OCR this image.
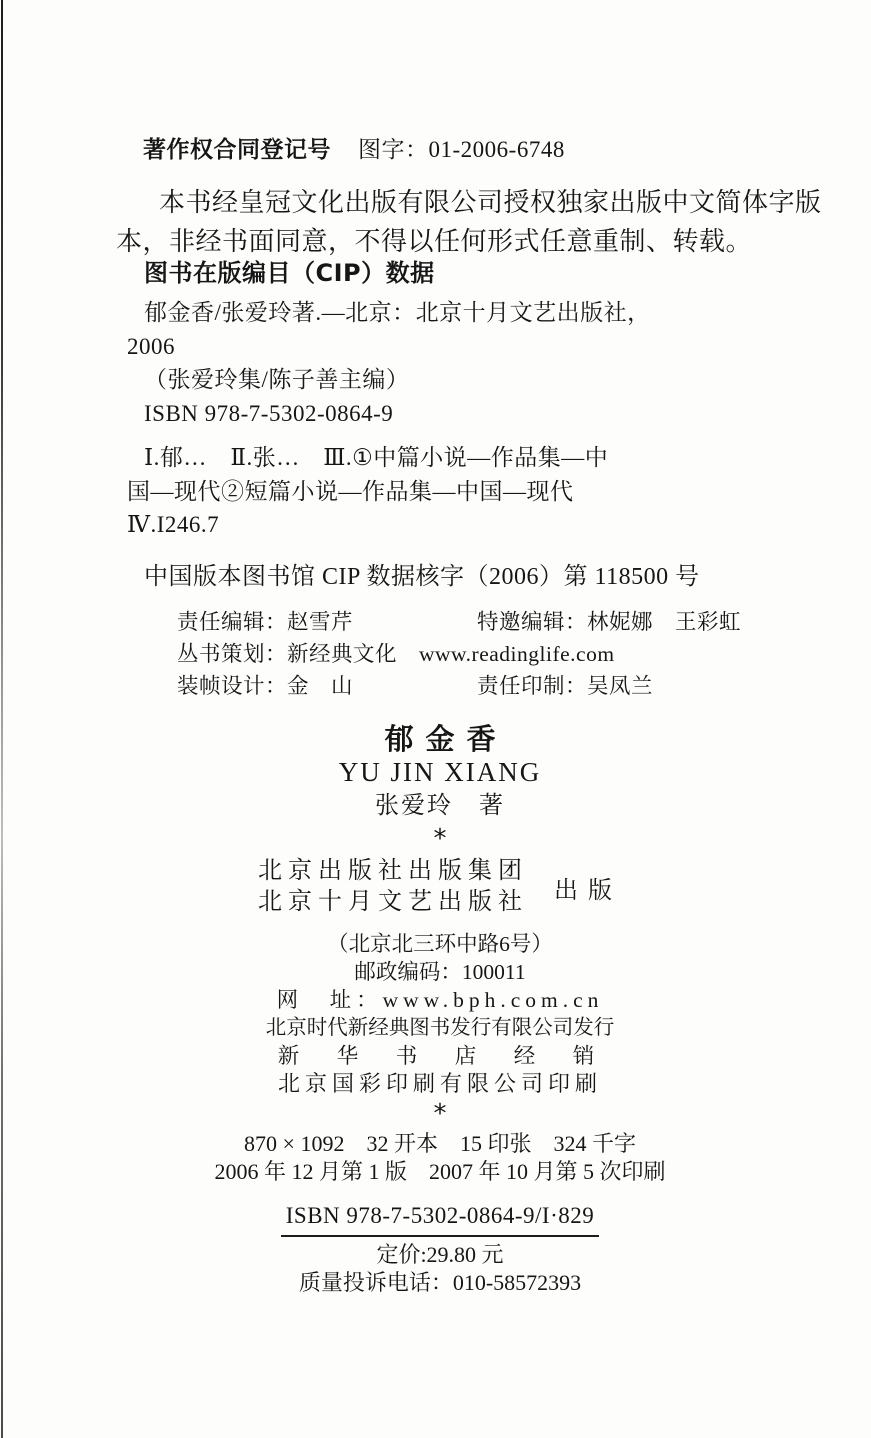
著作权合同登记号 图字：01-2006-6748
本书经皇冠文化出版有限公司授权独家出版中文简体字版
本，非经书面同意，不得以任何形式任意重制、转载。
图书在版编目（CIP）数据
郁金香/张爱玲著.—北京：北京十月文艺出版社，
2006
（张爱玲集/陈子善主编）
ISBN 978-7-5302-0864-9
Ⅰ.郁…　Ⅱ.张…　Ⅲ.①中篇小说—作品集—中
国—现代②短篇小说—作品集—中国—现代
Ⅳ.I246.7
中国版本图书馆 CIP 数据核字（2006）第 118500 号
责任编辑：赵雪芹	特邀编辑：林妮娜　王彩虹
丛书策划：新经典文化　www.readinglife.com
装帧设计：金　山	责任印制：吴凤兰
郁金香
YU JIN XIANG
张爱玲　著
*
北京出版社出版集团
北京十月文艺出版社 出版
（北京北三环中路6号）
邮政编码：100011
网　址：www.bph.com.cn
北京时代新经典图书发行有限公司发行
新　华　书　店　经　销
北京国彩印刷有限公司印刷
*
870 × 1092　32 开本　15 印张　324 千字
2006 年 12 月第 1 版　2007 年 10 月第 5 次印刷
ISBN 978-7-5302-0864-9/I·829
定价:29.80 元
质量投诉电话：010-58572393
